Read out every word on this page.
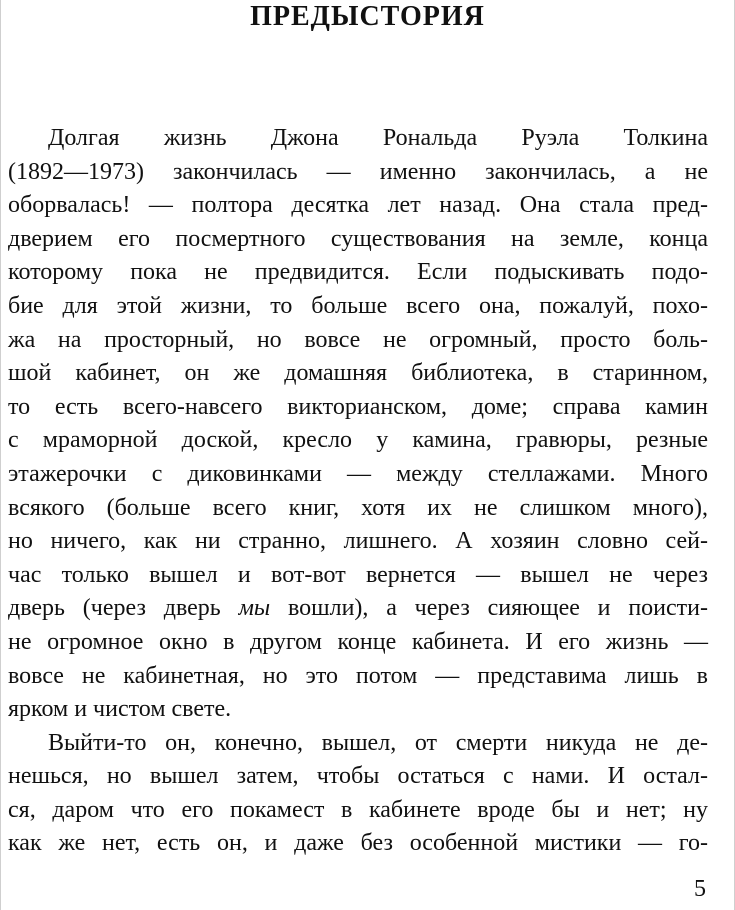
ПРЕДЫСТОРИЯ
Долгая жизнь Джона Рональда Руэла Толкина
(1892—1973) закончилась — именно закончилась, а не
оборвалась! — полтора десятка лет назад. Она стала пред-
дверием его посмертного существования на земле, конца
которому пока не предвидится. Если подыскивать подо-
бие для этой жизни, то больше всего она, пожалуй, похо-
жа на просторный, но вовсе не огромный, просто боль-
шой кабинет, он же домашняя библиотека, в старинном,
то есть всего-навсего викторианском, доме; справа камин
с мраморной доской, кресло у камина, гравюры, резные
этажерочки с диковинками — между стеллажами. Много
всякого (больше всего книг, хотя их не слишком много),
но ничего, как ни странно, лишнего. А хозяин словно сей-
час только вышел и вот-вот вернется — вышел не через
дверь (через дверь мы вошли), а через сияющее и поисти-
не огромное окно в другом конце кабинета. И его жизнь —
вовсе не кабинетная, но это потом — представима лишь в
ярком и чистом свете.
Выйти-то он, конечно, вышел, от смерти никуда не де-
нешься, но вышел затем, чтобы остаться с нами. И остал-
ся, даром что его покамест в кабинете вроде бы и нет; ну
как же нет, есть он, и даже без особенной мистики — го-
5
